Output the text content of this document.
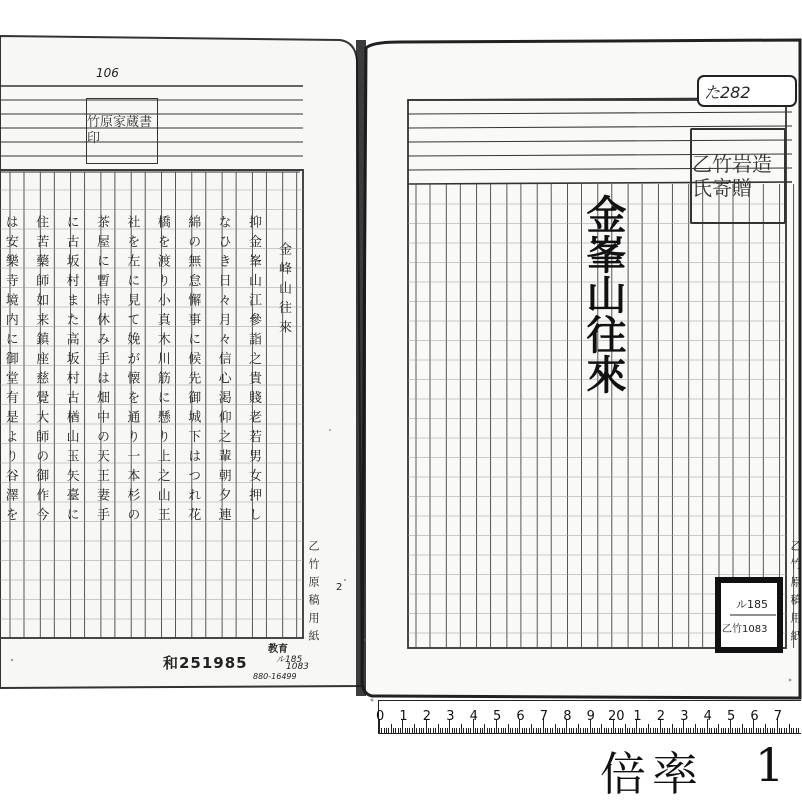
106
竹原家蔵書印
金峰山往來
抑金峯山江參詣之貴賤老若男女押し
なひき日々月々信心渇仰之輩朝夕連
綿の無怠懈事に候先御城下はつれ花
橋を渡り小真木川筋に懸り上之山王
社を左に見て娩が懐を通り一本杉の
茶屋に暫時休み手は畑中の天王妻手
に古坂村また高坂村古楢山玉矢臺に
住苦藥師如来鎮座慈覺大師の御作今
は安樂寺境内に御堂有是より谷澤を
乙竹原稿用紙 2
和251985
教育
ル185
1083
880-16499
た282
乙竹岩造氏寄贈
金峯山往來
乙竹原稿用紙
ル185
乙竹1083
0 1 2 3 4 5 6 7 8 9 20 1 2 3 4 5 6 7
倍率 1
